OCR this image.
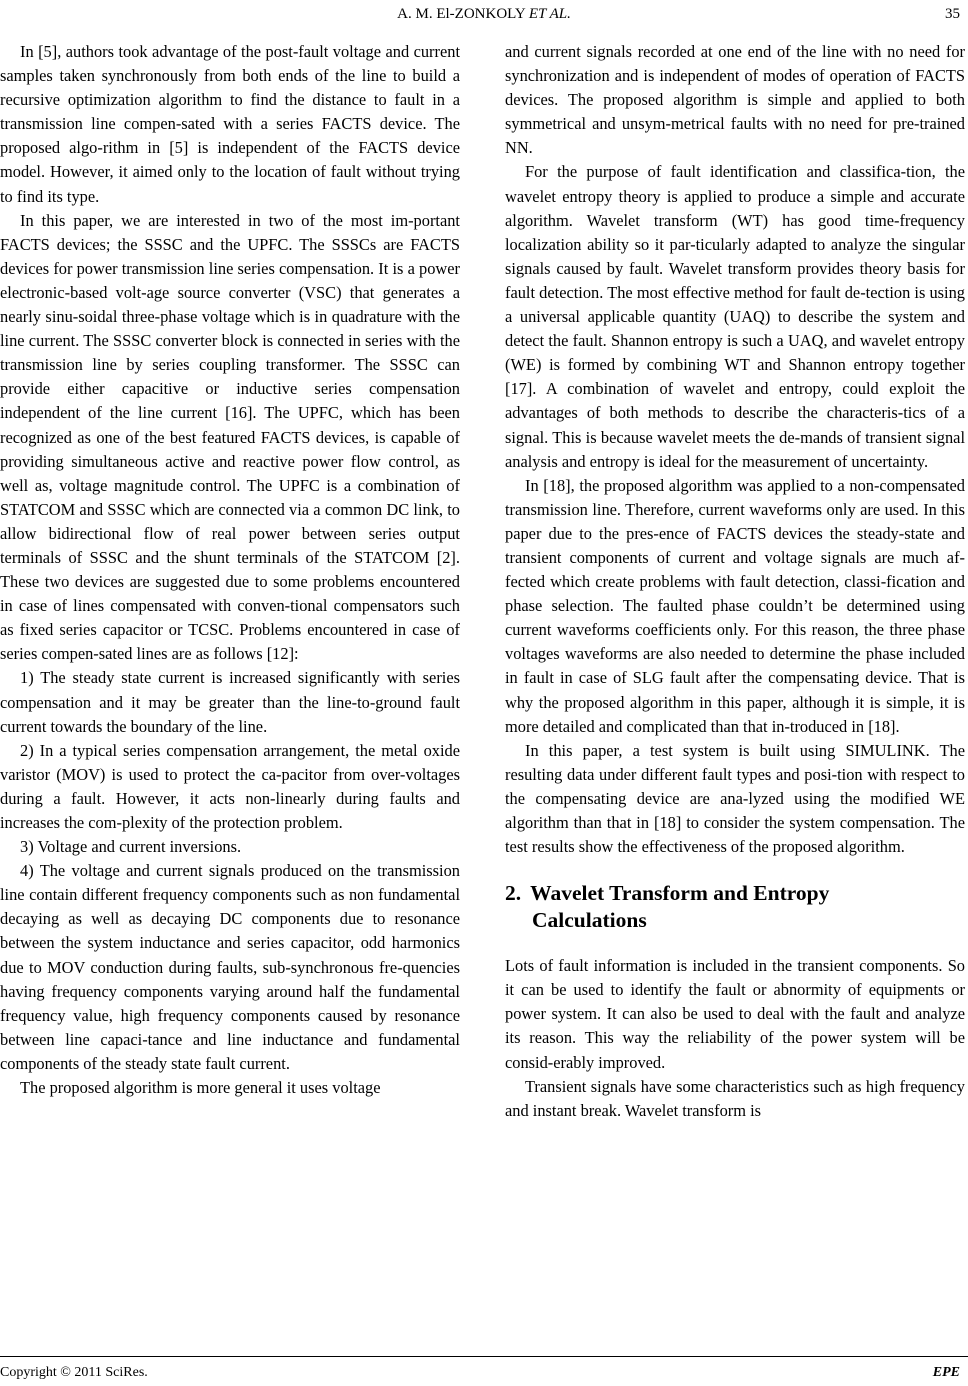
A. M. El-ZONKOLY ET AL.	35

In [5], authors took advantage of the post-fault voltage and current samples taken synchronously from both ends of the line to build a recursive optimization algorithm to find the distance to fault in a transmission line compen-sated with a series FACTS device. The proposed algo-rithm in [5] is independent of the FACTS device model. However, it aimed only to the location of fault without trying to find its type.

In this paper, we are interested in two of the most im-portant FACTS devices; the SSSC and the UPFC. The SSSCs are FACTS devices for power transmission line series compensation. It is a power electronic-based volt-age source converter (VSC) that generates a nearly sinu-soidal three-phase voltage which is in quadrature with the line current. The SSSC converter block is connected in series with the transmission line by series coupling transformer. The SSSC can provide either capacitive or inductive series compensation independent of the line current [16]. The UPFC, which has been recognized as one of the best featured FACTS devices, is capable of providing simultaneous active and reactive power flow control, as well as, voltage magnitude control. The UPFC is a combination of STATCOM and SSSC which are connected via a common DC link, to allow bidirectional flow of real power between series output terminals of SSSC and the shunt terminals of the STATCOM [2]. These two devices are suggested due to some problems encountered in case of lines compensated with conven-tional compensators such as fixed series capacitor or TCSC. Problems encountered in case of series compen-sated lines are as follows [12]:

1) The steady state current is increased significantly with series compensation and it may be greater than the line-to-ground fault current towards the boundary of the line.

2) In a typical series compensation arrangement, the metal oxide varistor (MOV) is used to protect the ca-pacitor from over-voltages during a fault. However, it acts non-linearly during faults and increases the com-plexity of the protection problem.

3) Voltage and current inversions.

4) The voltage and current signals produced on the transmission line contain different frequency components such as non fundamental decaying as well as decaying DC components due to resonance between the system inductance and series capacitor, odd harmonics due to MOV conduction during faults, sub-synchronous fre-quencies having frequency components varying around half the fundamental frequency value, high frequency components caused by resonance between line capaci-tance and line inductance and fundamental components of the steady state fault current.

The proposed algorithm is more general it uses voltage

and current signals recorded at one end of the line with no need for synchronization and is independent of modes of operation of FACTS devices. The proposed algorithm is simple and applied to both symmetrical and unsym-metrical faults with no need for pre-trained NN.

For the purpose of fault identification and classifica-tion, the wavelet entropy theory is applied to produce a simple and accurate algorithm. Wavelet transform (WT) has good time-frequency localization ability so it par-ticularly adapted to analyze the singular signals caused by fault. Wavelet transform provides theory basis for fault detection. The most effective method for fault de-tection is using a universal applicable quantity (UAQ) to describe the system and detect the fault. Shannon entropy is such a UAQ, and wavelet entropy (WE) is formed by combining WT and Shannon entropy together [17]. A combination of wavelet and entropy, could exploit the advantages of both methods to describe the characteris-tics of a signal. This is because wavelet meets the de-mands of transient signal analysis and entropy is ideal for the measurement of uncertainty.

In [18], the proposed algorithm was applied to a non-compensated transmission line. Therefore, current waveforms only are used. In this paper due to the pres-ence of FACTS devices the steady-state and transient components of current and voltage signals are much af-fected which create problems with fault detection, classi-fication and phase selection. The faulted phase couldn’t be determined using current waveforms coefficients only. For this reason, the three phase voltages waveforms are also needed to determine the phase included in fault in case of SLG fault after the compensating device. That is why the proposed algorithm in this paper, although it is simple, it is more detailed and complicated than that in-troduced in [18].

In this paper, a test system is built using SIMULINK. The resulting data under different fault types and posi-tion with respect to the compensating device are ana-lyzed using the modified WE algorithm than that in [18] to consider the system compensation. The test results show the effectiveness of the proposed algorithm.

2. Wavelet Transform and Entropy
Calculations

Lots of fault information is included in the transient components. So it can be used to identify the fault or abnormity of equipments or power system. It can also be used to deal with the fault and analyze its reason. This way the reliability of the power system will be consid-erably improved.

Transient signals have some characteristics such as high frequency and instant break. Wavelet transform is

Copyright © 2011 SciRes.	EPE
